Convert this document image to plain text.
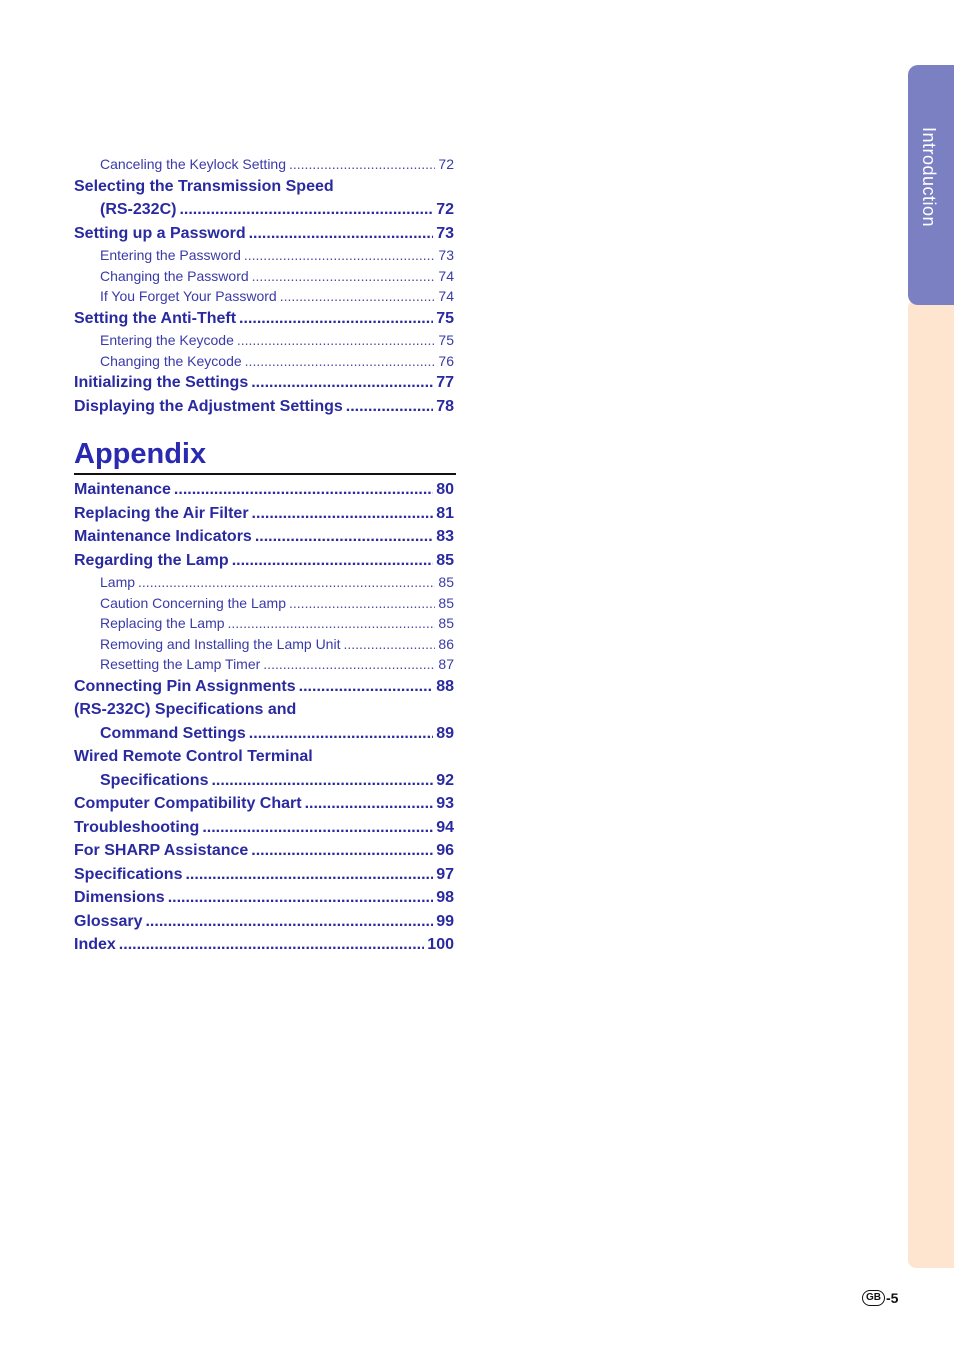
Introduction
Canceling the Keylock Setting .....	72
Selecting the Transmission Speed
(RS-232C) .....	72
Setting up a Password .....	73
Entering the Password .....	73
Changing the Password .....	74
If You Forget Your Password .....	74
Setting the Anti-Theft .....	75
Entering the Keycode .....	75
Changing the Keycode .....	76
Initializing the Settings .....	77
Displaying the Adjustment Settings .....	78
Appendix
Maintenance .....	80
Replacing the Air Filter .....	81
Maintenance Indicators .....	83
Regarding the Lamp .....	85
Lamp .....	85
Caution Concerning the Lamp .....	85
Replacing the Lamp .....	85
Removing and Installing the Lamp Unit .....	86
Resetting the Lamp Timer .....	87
Connecting Pin Assignments .....	88
(RS-232C) Specifications and
Command Settings .....	89
Wired Remote Control Terminal
Specifications .....	92
Computer Compatibility Chart .....	93
Troubleshooting .....	94
For SHARP Assistance .....	96
Specifications .....	97
Dimensions .....	98
Glossary .....	99
Index .....	100
GB -5
